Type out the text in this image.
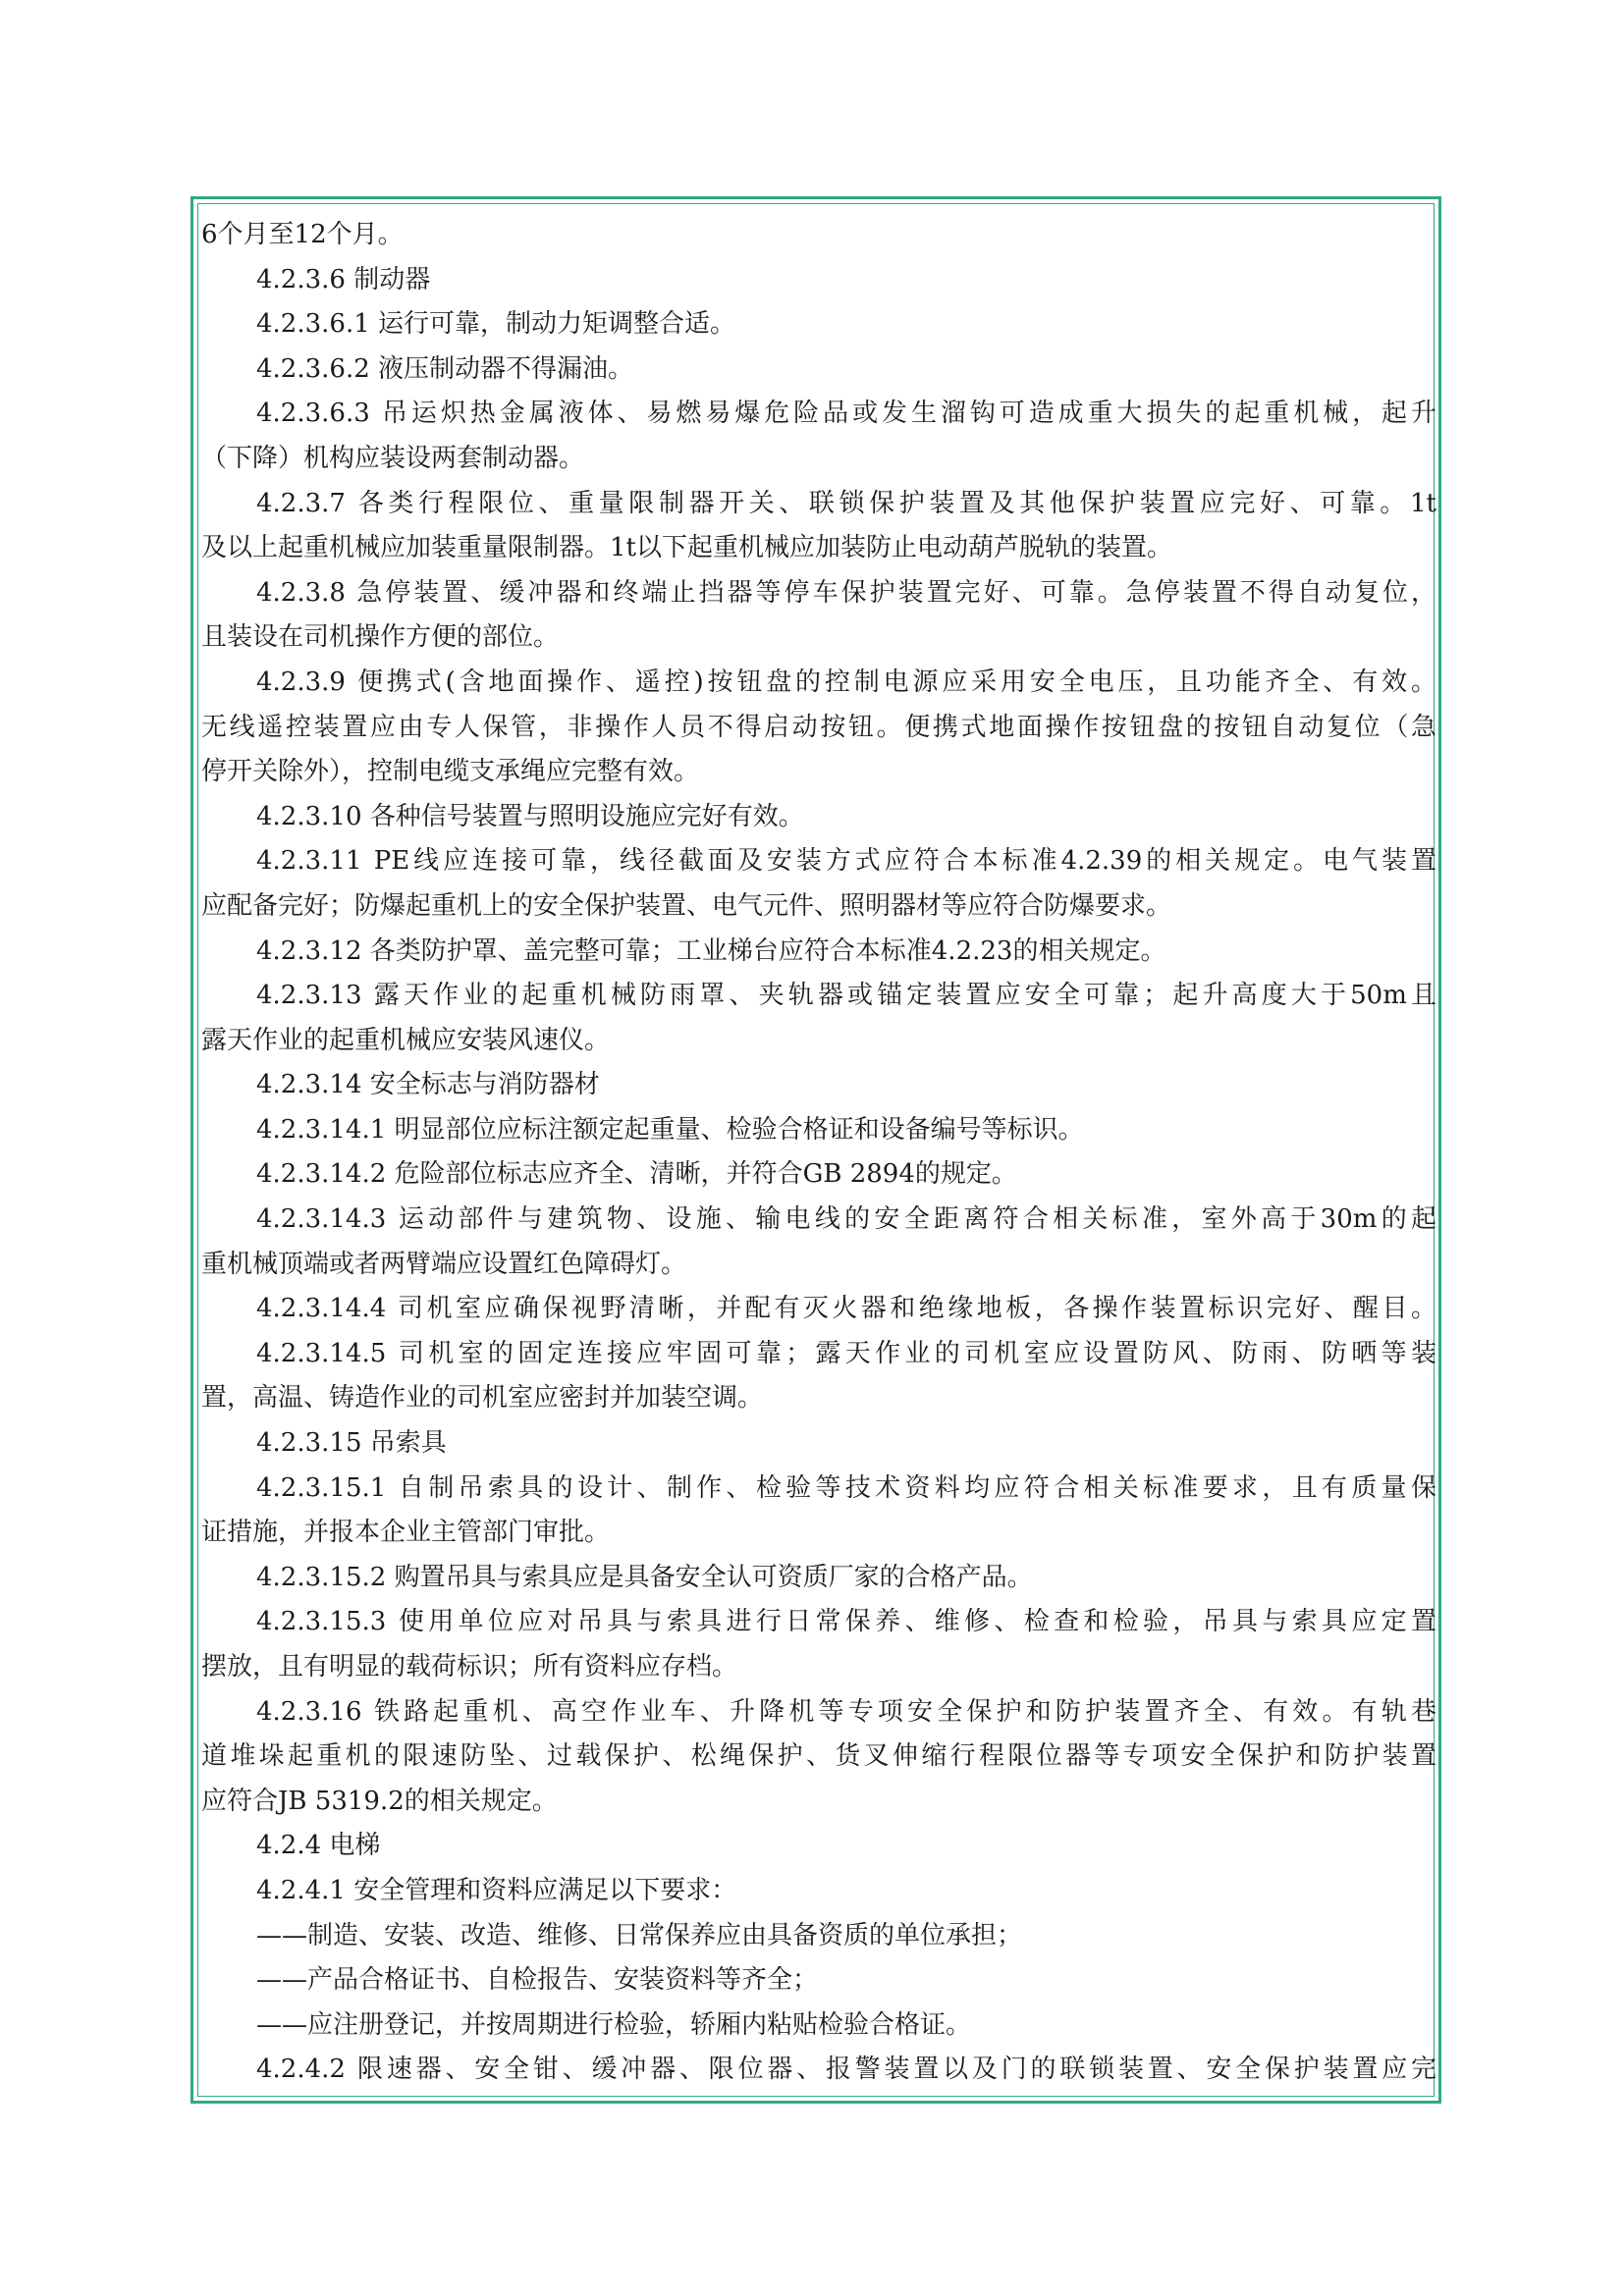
6个月至12个月。
4.2.3.6 制动器
4.2.3.6.1 运行可靠，制动力矩调整合适。
4.2.3.6.2 液压制动器不得漏油。
4.2.3.6.3 吊运炽热金属液体、易燃易爆危险品或发生溜钩可造成重大损失的起重机械，起升
（下降）机构应装设两套制动器。
4.2.3.7 各类行程限位、重量限制器开关、联锁保护装置及其他保护装置应完好、可靠。1t
及以上起重机械应加装重量限制器。1t以下起重机械应加装防止电动葫芦脱轨的装置。
4.2.3.8 急停装置、缓冲器和终端止挡器等停车保护装置完好、可靠。急停装置不得自动复位，
且装设在司机操作方便的部位。
4.2.3.9 便携式(含地面操作、遥控)按钮盘的控制电源应采用安全电压，且功能齐全、有效。
无线遥控装置应由专人保管，非操作人员不得启动按钮。便携式地面操作按钮盘的按钮自动复位（急
停开关除外），控制电缆支承绳应完整有效。
4.2.3.10 各种信号装置与照明设施应完好有效。
4.2.3.11 PE线应连接可靠，线径截面及安装方式应符合本标准4.2.39的相关规定。电气装置
应配备完好；防爆起重机上的安全保护装置、电气元件、照明器材等应符合防爆要求。
4.2.3.12 各类防护罩、盖完整可靠；工业梯台应符合本标准4.2.23的相关规定。
4.2.3.13 露天作业的起重机械防雨罩、夹轨器或锚定装置应安全可靠；起升高度大于50m且
露天作业的起重机械应安装风速仪。
4.2.3.14 安全标志与消防器材
4.2.3.14.1 明显部位应标注额定起重量、检验合格证和设备编号等标识。
4.2.3.14.2 危险部位标志应齐全、清晰，并符合GB 2894的规定。
4.2.3.14.3 运动部件与建筑物、设施、输电线的安全距离符合相关标准，室外高于30m的起
重机械顶端或者两臂端应设置红色障碍灯。
4.2.3.14.4 司机室应确保视野清晰，并配有灭火器和绝缘地板，各操作装置标识完好、醒目。
4.2.3.14.5 司机室的固定连接应牢固可靠；露天作业的司机室应设置防风、防雨、防晒等装
置，高温、铸造作业的司机室应密封并加装空调。
4.2.3.15 吊索具
4.2.3.15.1 自制吊索具的设计、制作、检验等技术资料均应符合相关标准要求，且有质量保
证措施，并报本企业主管部门审批。
4.2.3.15.2 购置吊具与索具应是具备安全认可资质厂家的合格产品。
4.2.3.15.3 使用单位应对吊具与索具进行日常保养、维修、检查和检验，吊具与索具应定置
摆放，且有明显的载荷标识；所有资料应存档。
4.2.3.16 铁路起重机、高空作业车、升降机等专项安全保护和防护装置齐全、有效。有轨巷
道堆垛起重机的限速防坠、过载保护、松绳保护、货叉伸缩行程限位器等专项安全保护和防护装置
应符合JB 5319.2的相关规定。
4.2.4 电梯
4.2.4.1 安全管理和资料应满足以下要求：
——制造、安装、改造、维修、日常保养应由具备资质的单位承担；
——产品合格证书、自检报告、安装资料等齐全；
——应注册登记，并按周期进行检验，轿厢内粘贴检验合格证。
4.2.4.2 限速器、安全钳、缓冲器、限位器、报警装置以及门的联锁装置、安全保护装置应完
